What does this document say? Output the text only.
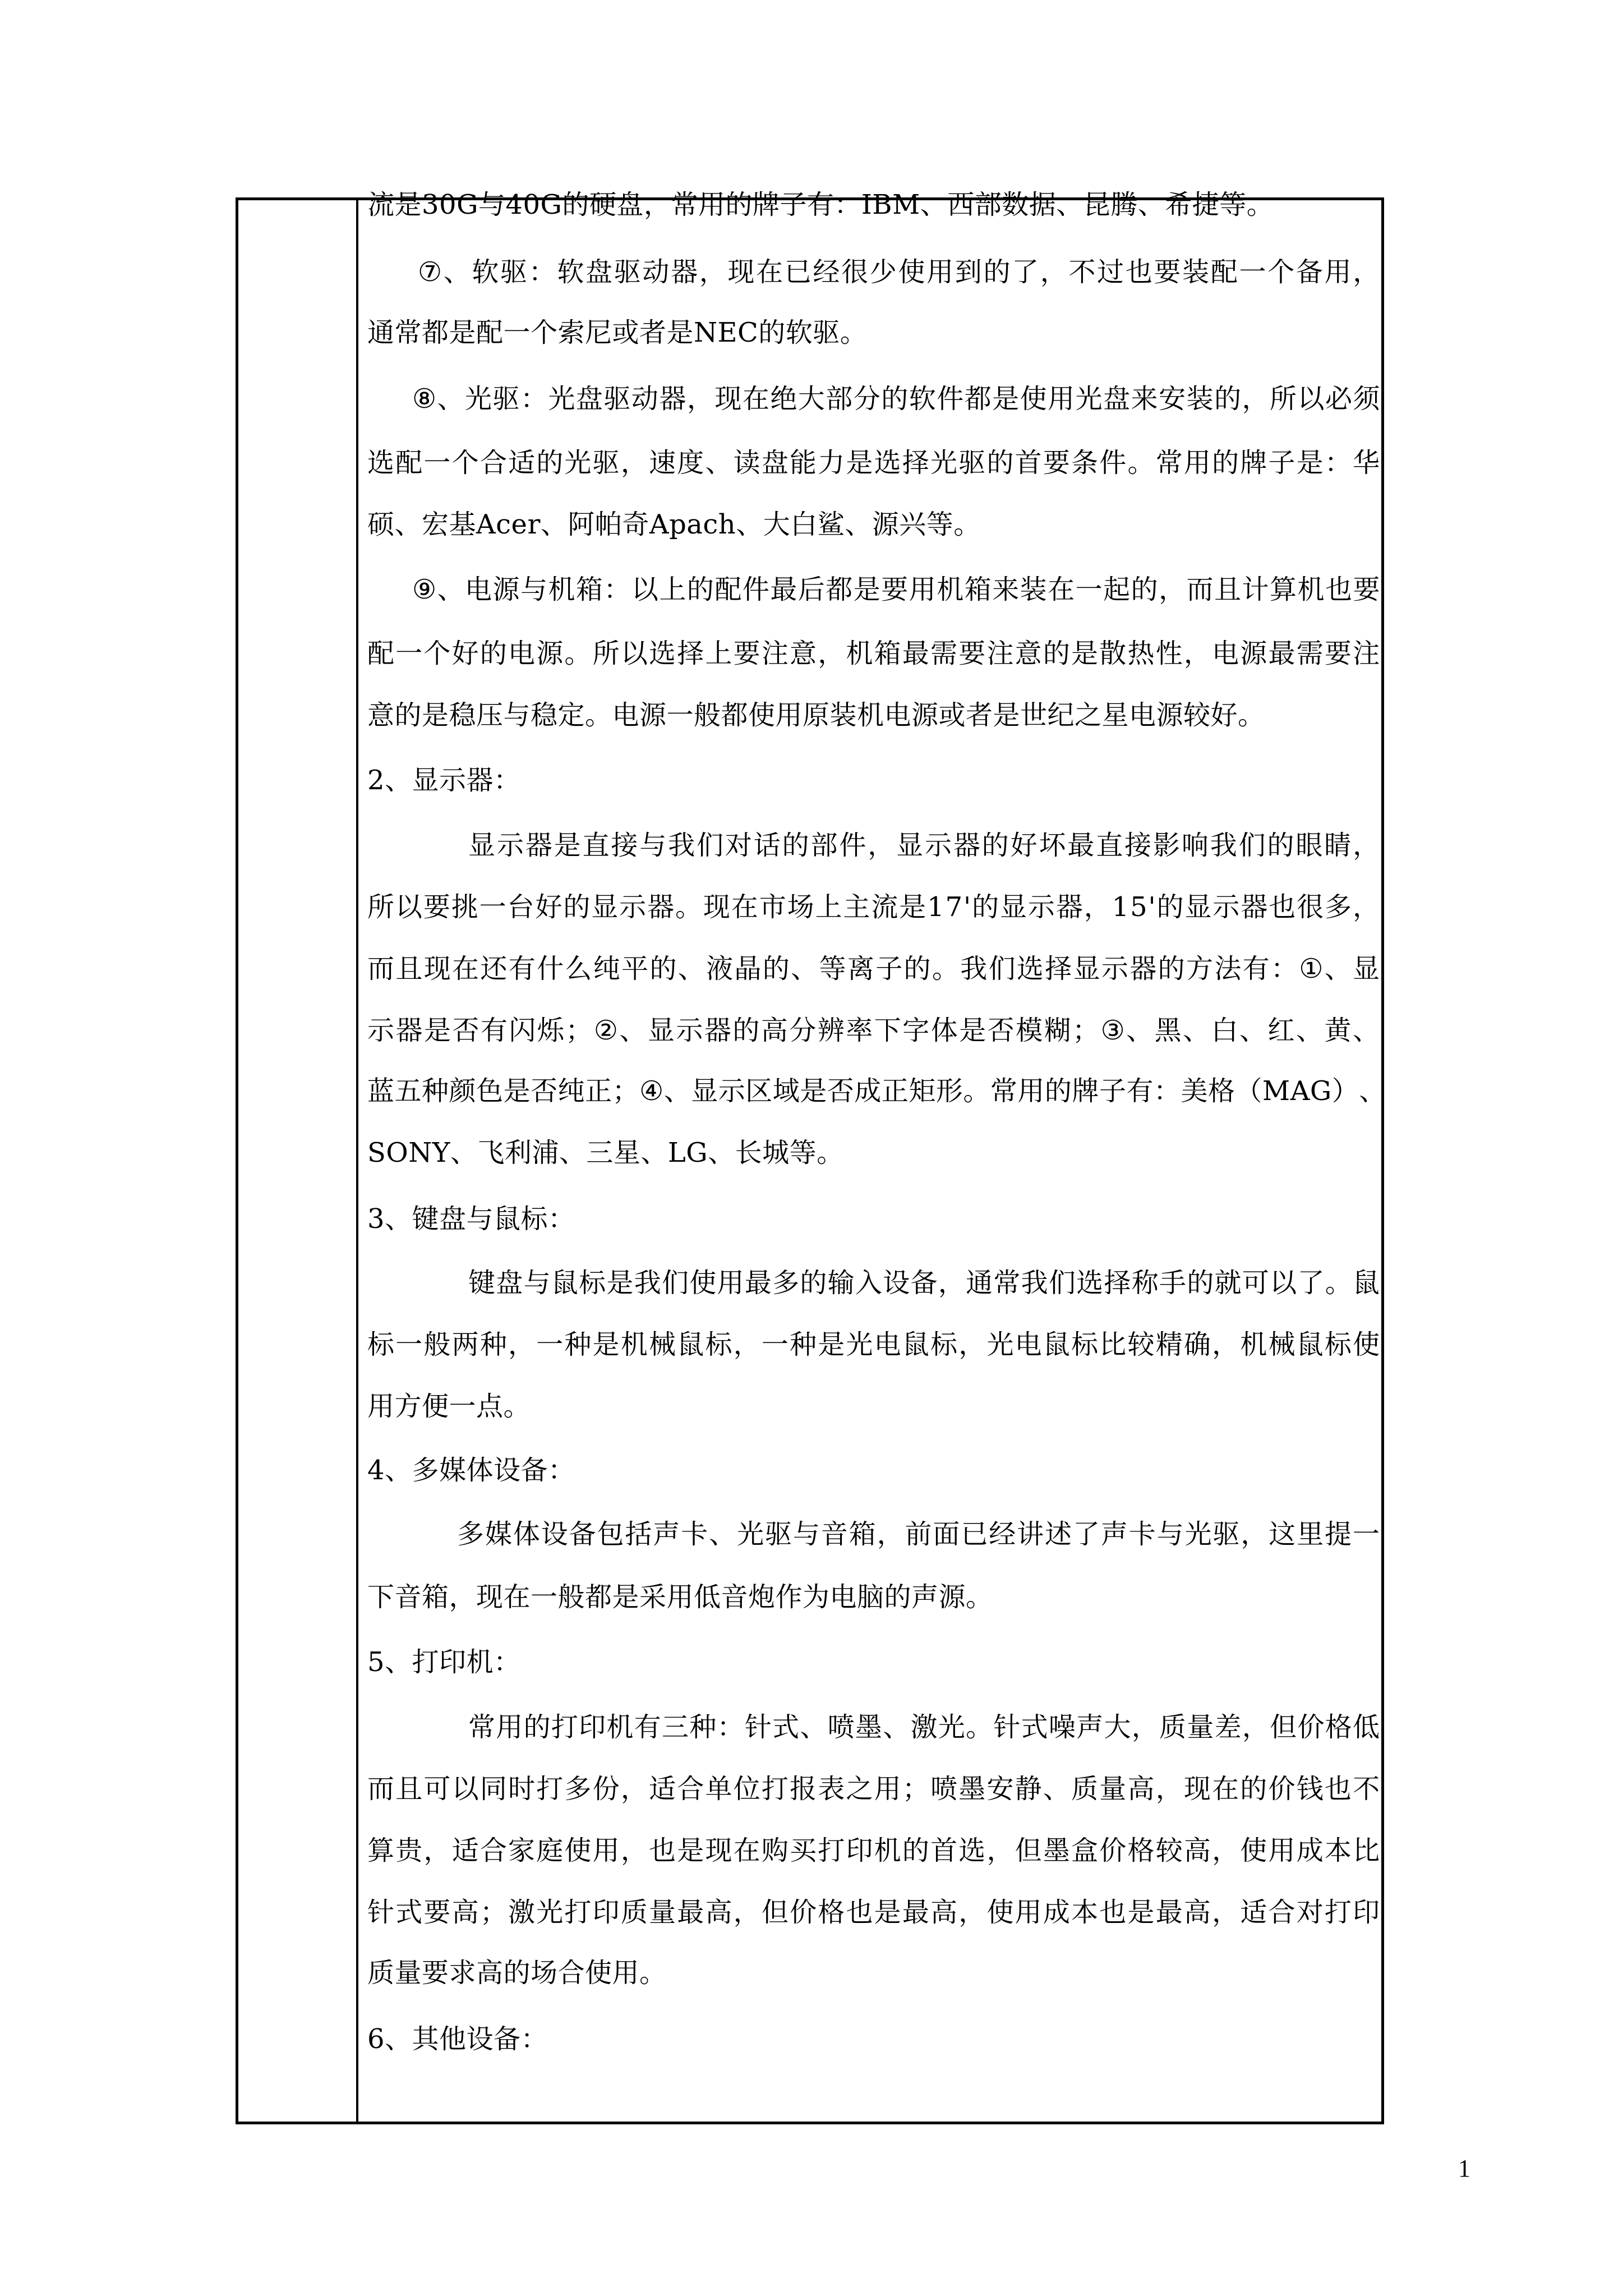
流是30G与40G的硬盘，常用的牌子有：IBM、西部数据、昆腾、希捷等。
⑦ 、 软 驱 ： 软 盘 驱 动 器 ， 现 在 已 经 很 少 使 用 到 的 了 ， 不 过 也 要 装 配 一 个 备 用 ，
通常都是配一个索尼或者是NEC的软驱。
⑧ 、 光 驱 ： 光 盘 驱 动 器 ， 现 在 绝 大 部 分 的 软 件 都 是 使 用 光 盘 来 安 装 的 ， 所 以 必 须
选 配 一 个 合 适 的 光 驱 ， 速 度 、 读 盘 能 力 是 选 择 光 驱 的 首 要 条 件 。 常 用 的 牌 子 是 ： 华
硕、宏基Acer、阿帕奇Apach、大白鲨、源兴等。
⑨ 、 电 源 与 机 箱 ： 以 上 的 配 件 最 后 都 是 要 用 机 箱 来 装 在 一 起 的 ， 而 且 计 算 机 也 要
配 一 个 好 的 电 源 。 所 以 选 择 上 要 注 意 ， 机 箱 最 需 要 注 意 的 是 散 热 性 ， 电 源 最 需 要 注
意的是稳压与稳定。电源一般都使用原装机电源或者是世纪之星电源较好。
2、显示器：
显 示 器 是 直 接 与 我 们 对 话 的 部 件 ， 显 示 器 的 好 坏 最 直 接 影 响 我 们 的 眼 睛 ，
所 以 要 挑 一 台 好 的 显 示 器 。 现 在 市 场 上 主 流 是 1 7 ' 的 显 示 器 ， 1 5 ' 的 显 示 器 也 很 多 ，
而 且 现 在 还 有 什 么 纯 平 的 、 液 晶 的 、 等 离 子 的 。 我 们 选 择 显 示 器 的 方 法 有 ： ① 、 显
示 器 是 否 有 闪 烁 ； ② 、 显 示 器 的 高 分 辨 率 下 字 体 是 否 模 糊 ； ③ 、 黑 、 白 、 红 、 黄 、
蓝 五 种 颜 色 是 否 纯 正 ； ④ 、 显 示 区 域 是 否 成 正 矩 形 。 常 用 的 牌 子 有 ： 美 格 （ M A G ） 、
SONY、飞利浦、三星、LG、长城等。
3、键盘与鼠标：
键 盘 与 鼠 标 是 我 们 使 用 最 多 的 输 入 设 备 ， 通 常 我 们 选 择 称 手 的 就 可 以 了 。 鼠
标 一 般 两 种 ， 一 种 是 机 械 鼠 标 ， 一 种 是 光 电 鼠 标 ， 光 电 鼠 标 比 较 精 确 ， 机 械 鼠 标 使
用方便一点。
4、多媒体设备：
多 媒 体 设 备 包 括 声 卡 、 光 驱 与 音 箱 ， 前 面 已 经 讲 述 了 声 卡 与 光 驱 ， 这 里 提 一
下音箱，现在一般都是采用低音炮作为电脑的声源。
5、打印机：
常 用 的 打 印 机 有 三 种 ： 针 式 、 喷 墨 、 激 光 。 针 式 噪 声 大 ， 质 量 差 ， 但 价 格 低
而 且 可 以 同 时 打 多 份 ， 适 合 单 位 打 报 表 之 用 ； 喷 墨 安 静 、 质 量 高 ， 现 在 的 价 钱 也 不
算 贵 ， 适 合 家 庭 使 用 ， 也 是 现 在 购 买 打 印 机 的 首 选 ， 但 墨 盒 价 格 较 高 ， 使 用 成 本 比
针 式 要 高 ； 激 光 打 印 质 量 最 高 ， 但 价 格 也 是 最 高 ， 使 用 成 本 也 是 最 高 ， 适 合 对 打 印
质量要求高的场合使用。
6、其他设备：
1
